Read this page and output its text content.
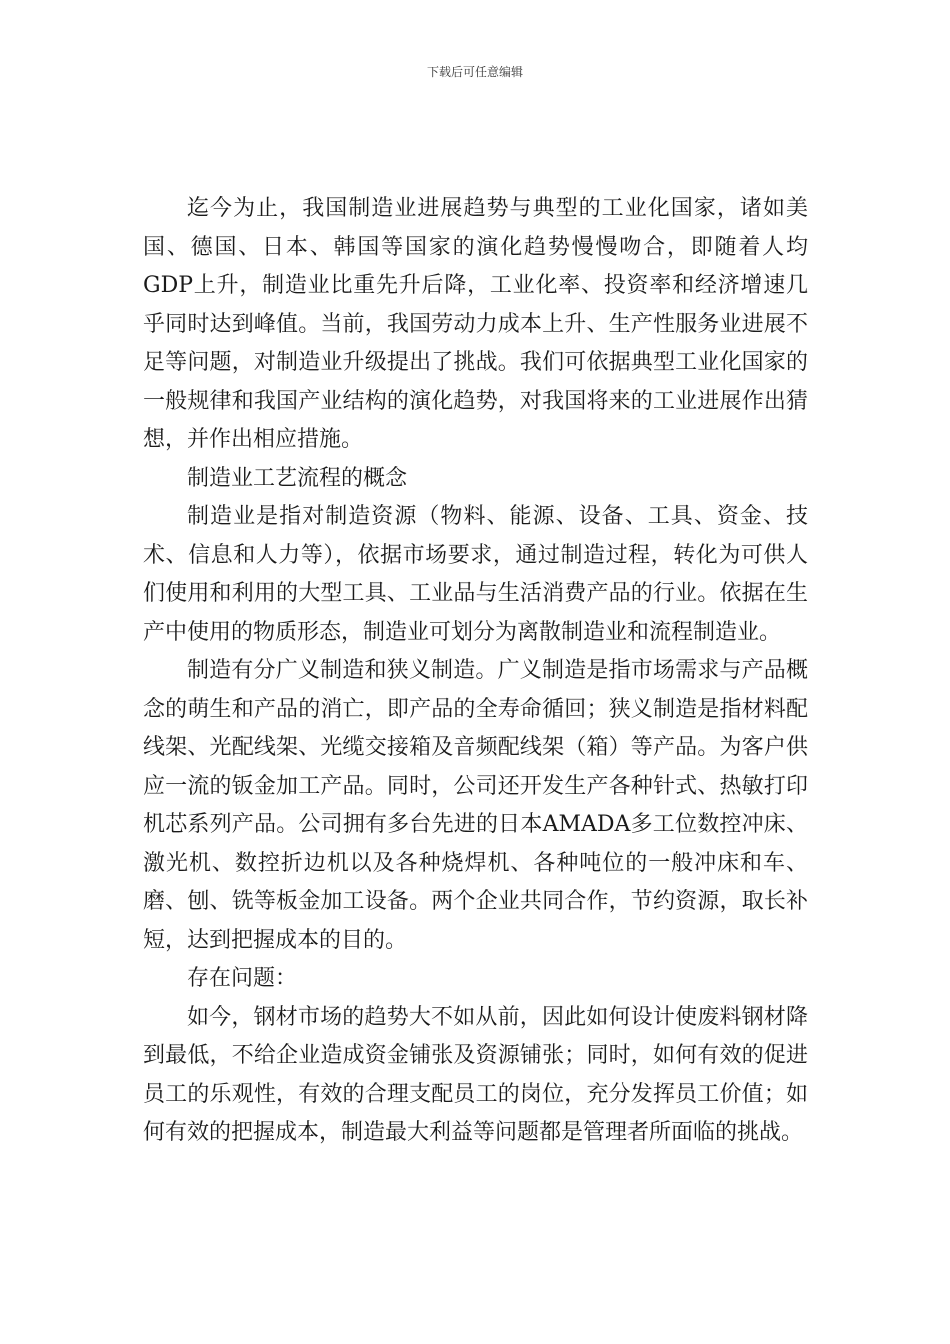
下载后可任意编辑

迄今为止，我国制造业进展趋势与典型的工业化国家，诸如美国、德国、日本、韩国等国家的演化趋势慢慢吻合，即随着人均GDP上升，制造业比重先升后降，工业化率、投资率和经济增速几乎同时达到峰值。当前，我国劳动力成本上升、生产性服务业进展不足等问题，对制造业升级提出了挑战。我们可依据典型工业化国家的一般规律和我国产业结构的演化趋势，对我国将来的工业进展作出猜想，并作出相应措施。

制造业工艺流程的概念

制造业是指对制造资源（物料、能源、设备、工具、资金、技术、信息和人力等），依据市场要求，通过制造过程，转化为可供人们使用和利用的大型工具、工业品与生活消费产品的行业。依据在生产中使用的物质形态，制造业可划分为离散制造业和流程制造业。

制造有分广义制造和狭义制造。广义制造是指市场需求与产品概念的萌生和产品的消亡，即产品的全寿命循回；狭义制造是指材料配线架、光配线架、光缆交接箱及音频配线架（箱）等产品。为客户供应一流的钣金加工产品。同时，公司还开发生产各种针式、热敏打印机芯系列产品。公司拥有多台先进的日本AMADA多工位数控冲床、激光机、数控折边机以及各种烧焊机、各种吨位的一般冲床和车、磨、刨、铣等板金加工设备。两个企业共同合作，节约资源，取长补短，达到把握成本的目的。

存在问题：

如今，钢材市场的趋势大不如从前，因此如何设计使废料钢材降到最低，不给企业造成资金铺张及资源铺张；同时，如何有效的促进员工的乐观性，有效的合理支配员工的岗位，充分发挥员工价值；如何有效的把握成本，制造最大利益等问题都是管理者所面临的挑战。
